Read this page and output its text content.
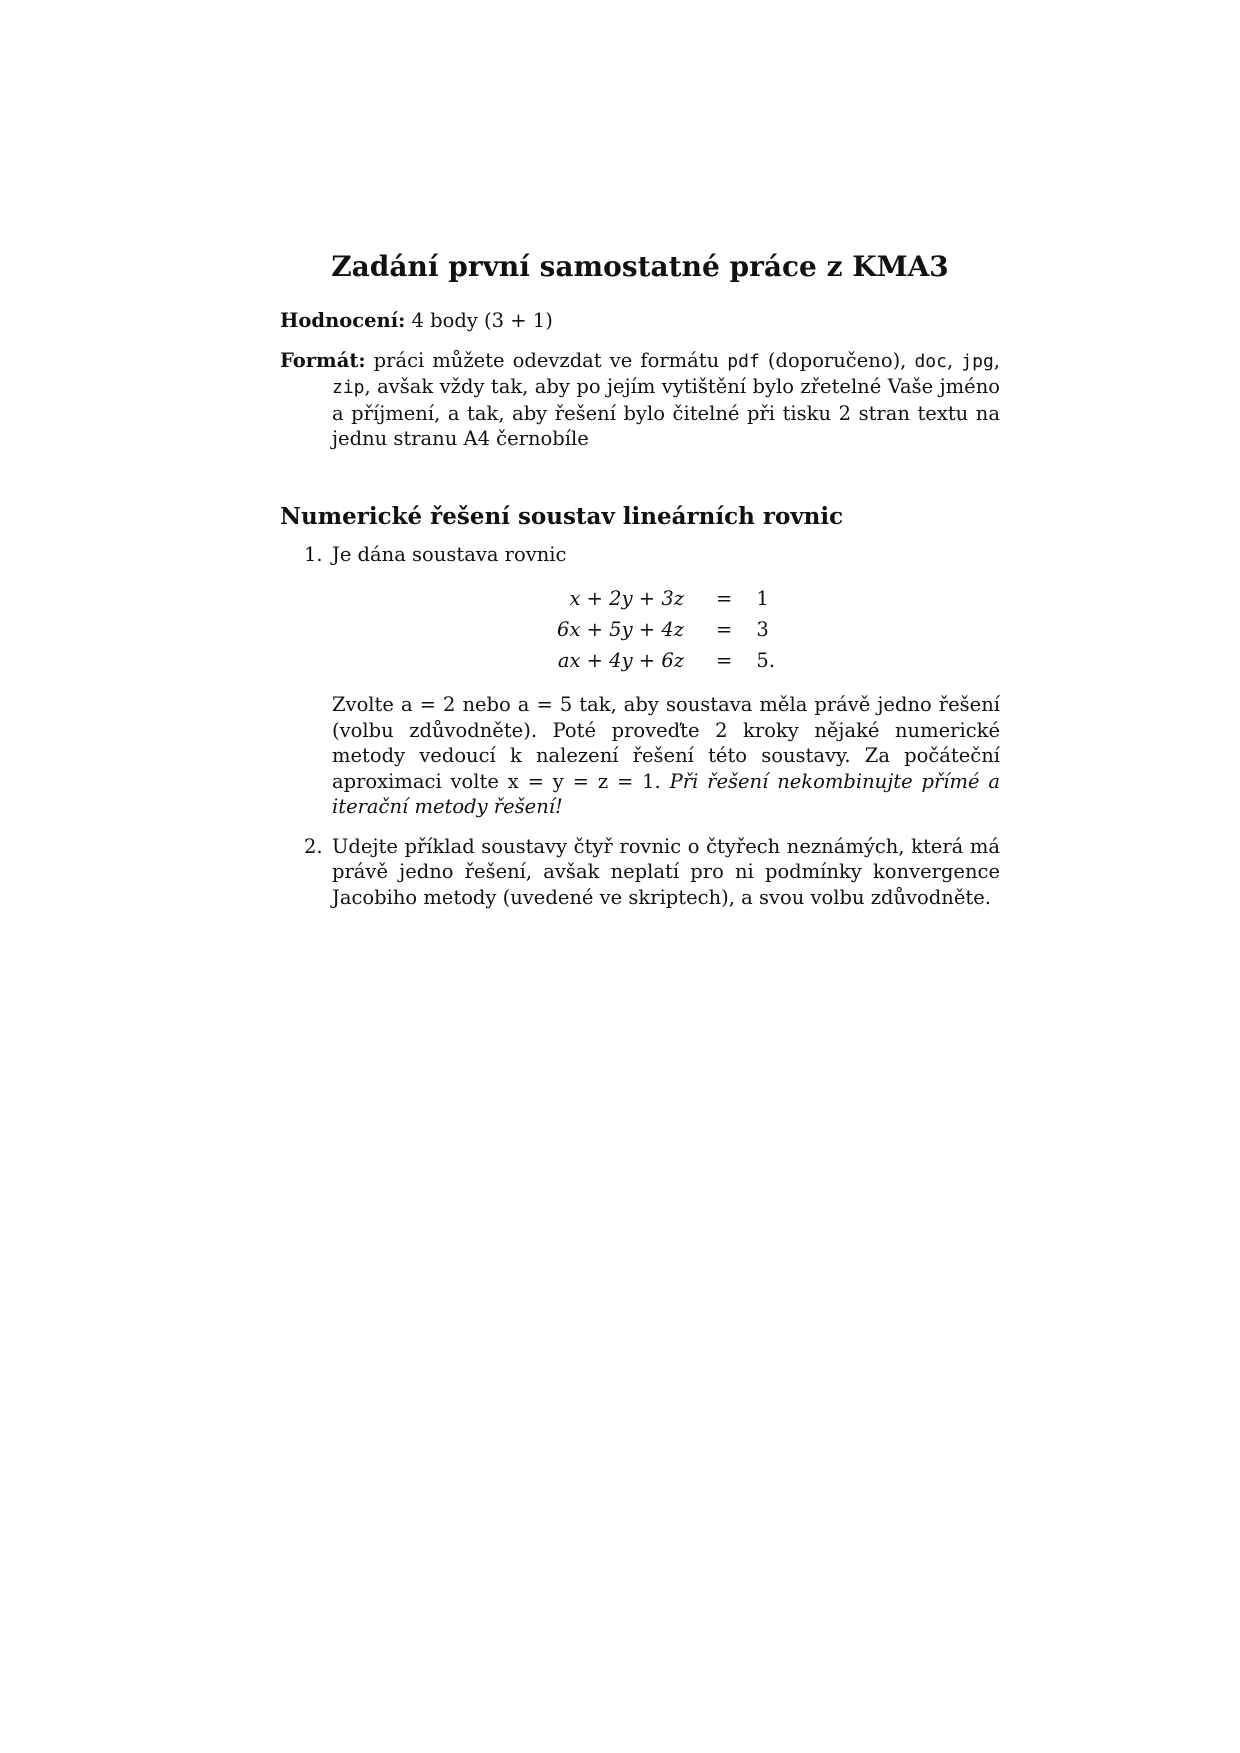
Zadání první samostatné práce z KMA3
Hodnocení: 4 body (3 + 1)
Formát: práci můžete odevzdat ve formátu pdf (doporučeno), doc, jpg, zip, avšak vždy tak, aby po jejím vytištění bylo zřetelné Vaše jméno a příjmení, a tak, aby řešení bylo čitelné při tisku 2 stran textu na jednu stranu A4 černobíle
Numerické řešení soustav lineárních rovnic
1. Je dána soustava rovnic
x + 2y + 3z	=	1
6x + 5y + 4z	=	3
ax + 4y + 6z	=	5.
Zvolte a = 2 nebo a = 5 tak, aby soustava měla právě jedno řešení (volbu zdůvodněte). Poté proveďte 2 kroky nějaké numerické metody vedoucí k nalezení řešení této soustavy. Za počáteční aproximaci volte x = y = z = 1. Při řešení nekombinujte přímé a iterační metody řešení!
2. Udejte příklad soustavy čtyř rovnic o čtyřech neznámých, která má právě jedno řešení, avšak neplatí pro ni podmínky konvergence Jacobiho metody (uvedené ve skriptech), a svou volbu zdůvodněte.
